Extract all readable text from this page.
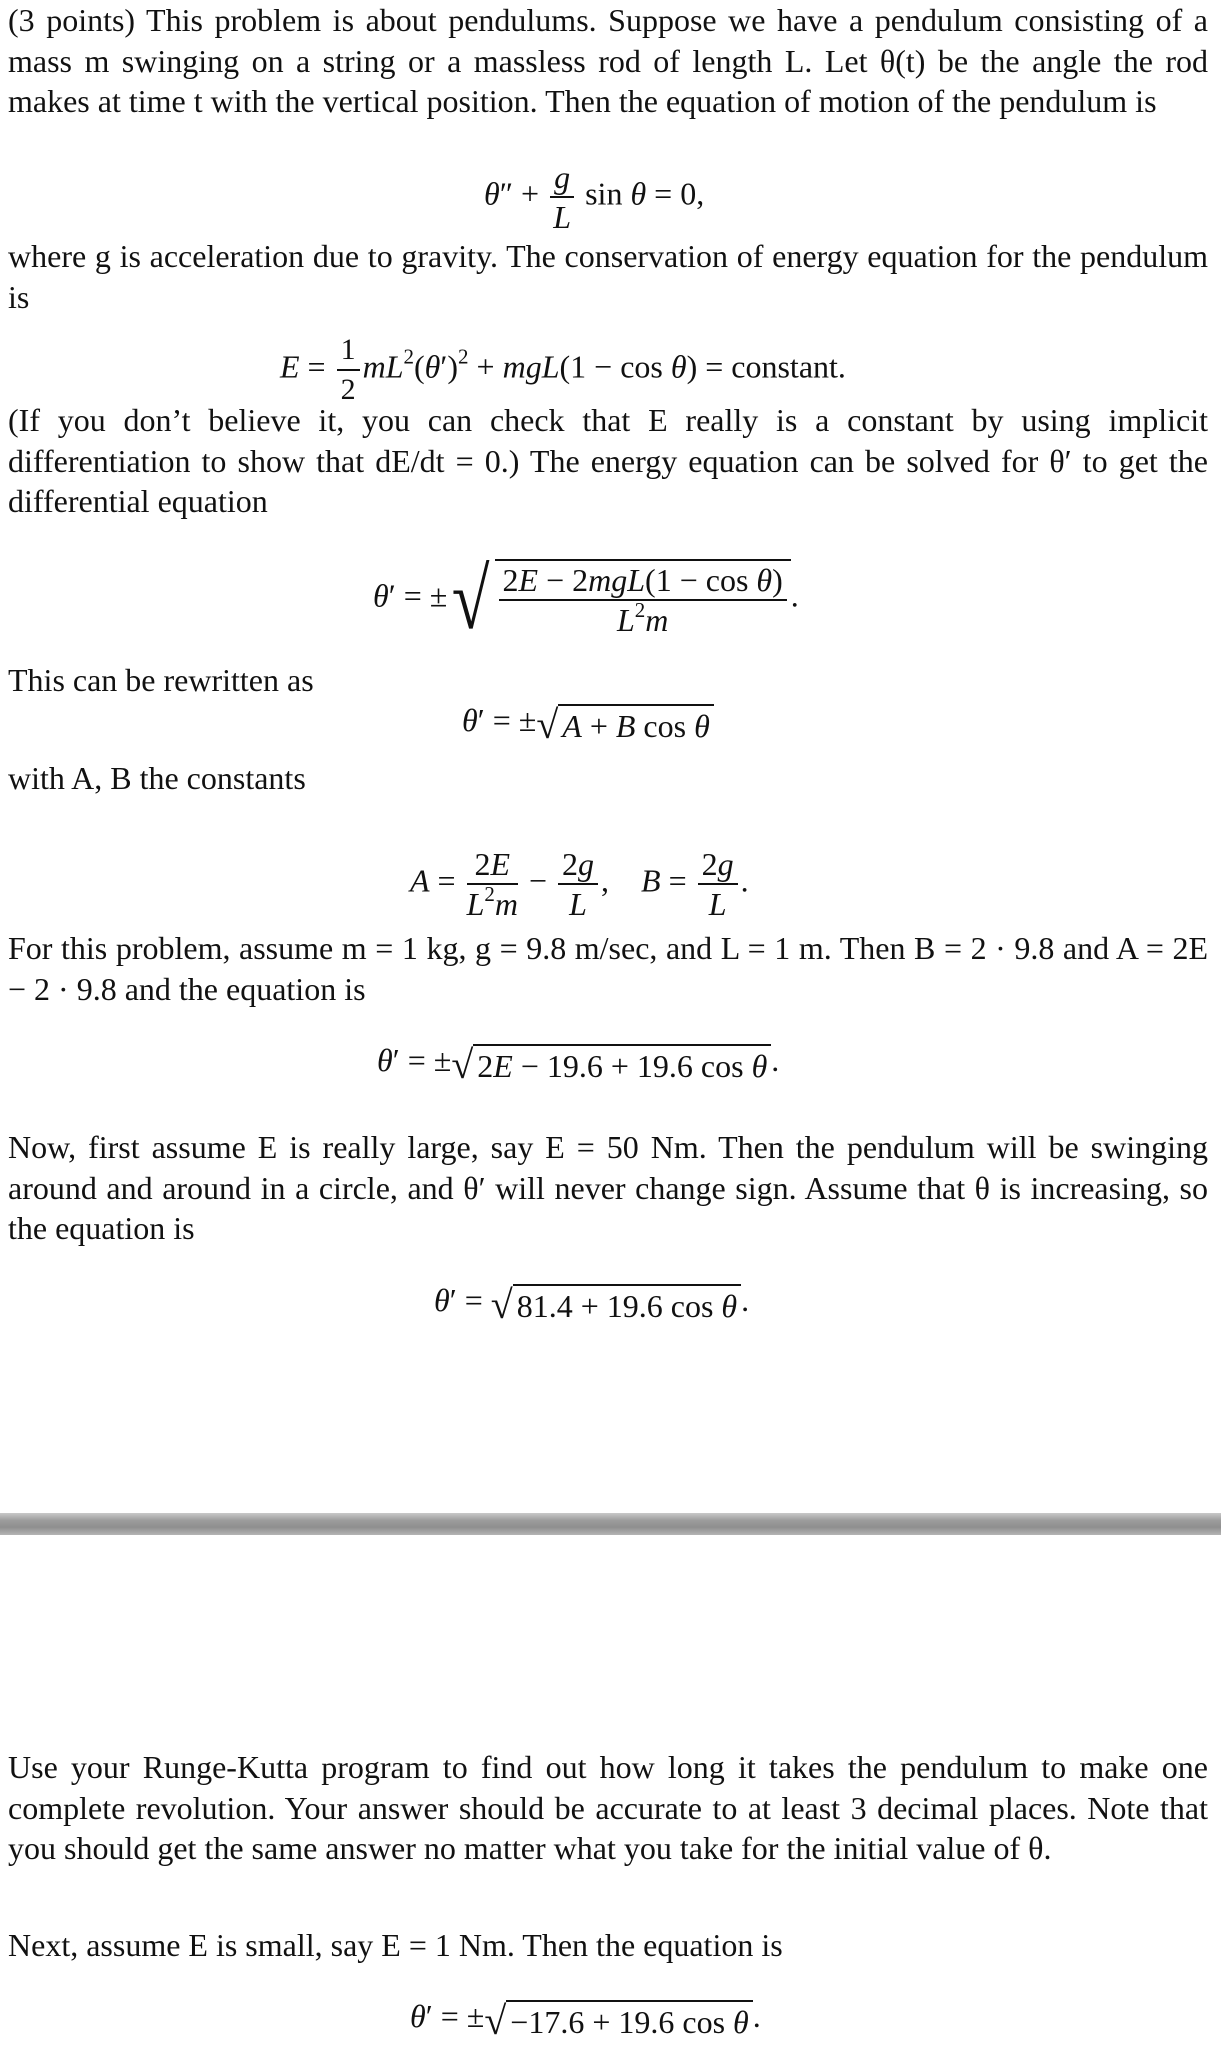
(3 points) This problem is about pendulums. Suppose we have a pendulum consisting of a mass m swinging on a string or a massless rod of length L. Let θ(t) be the angle the rod makes at time t with the vertical position. Then the equation of motion of the pendulum is

$\theta'' + \frac{g}{L}$ sin θ = 0,

where g is acceleration due to gravity. The conservation of energy equation for the pendulum is

$E = \frac{1}{2} mL^2(\theta')^2 + mgL(1 - \cos \theta)$ = constant.

(If you don’t believe it, you can check that E really is a constant by using implicit differentiation to show that dE/dt = 0.) The energy equation can be solved for θ′ to get the differential equation

θ′ = ±√ $\frac{\text{2E − 2mgL(1 − cos θ)}}{L^2m}$ .

This can be rewritten as

θ′ = ±√ A + B cos θ

with A, B the constants

$A = \frac{2E}{L^2m} - \frac{2g}{L}$ ,    $B = \frac{2g}{L}$ .

For this problem, assume m = 1 kg, g = 9.8 m/sec, and L = 1 m. Then B = 2 · 9.8 and A = 2E − 2 · 9.8 and the equation is

θ′ = ±√ 2E − 19.6 + 19.6 cos θ .

Now, first assume E is really large, say E = 50 Nm. Then the pendulum will be swinging around and around in a circle, and θ′ will never change sign. Assume that θ is increasing, so the equation is

θ′ = √ 81.4 + 19.6 cos θ .

Use your Runge-Kutta program to find out how long it takes the pendulum to make one complete revolution. Your answer should be accurate to at least 3 decimal places. Note that you should get the same answer no matter what you take for the initial value of θ.

Next, assume E is small, say E = 1 Nm. Then the equation is

θ′ = ±√ −17.6 + 19.6 cos θ .
